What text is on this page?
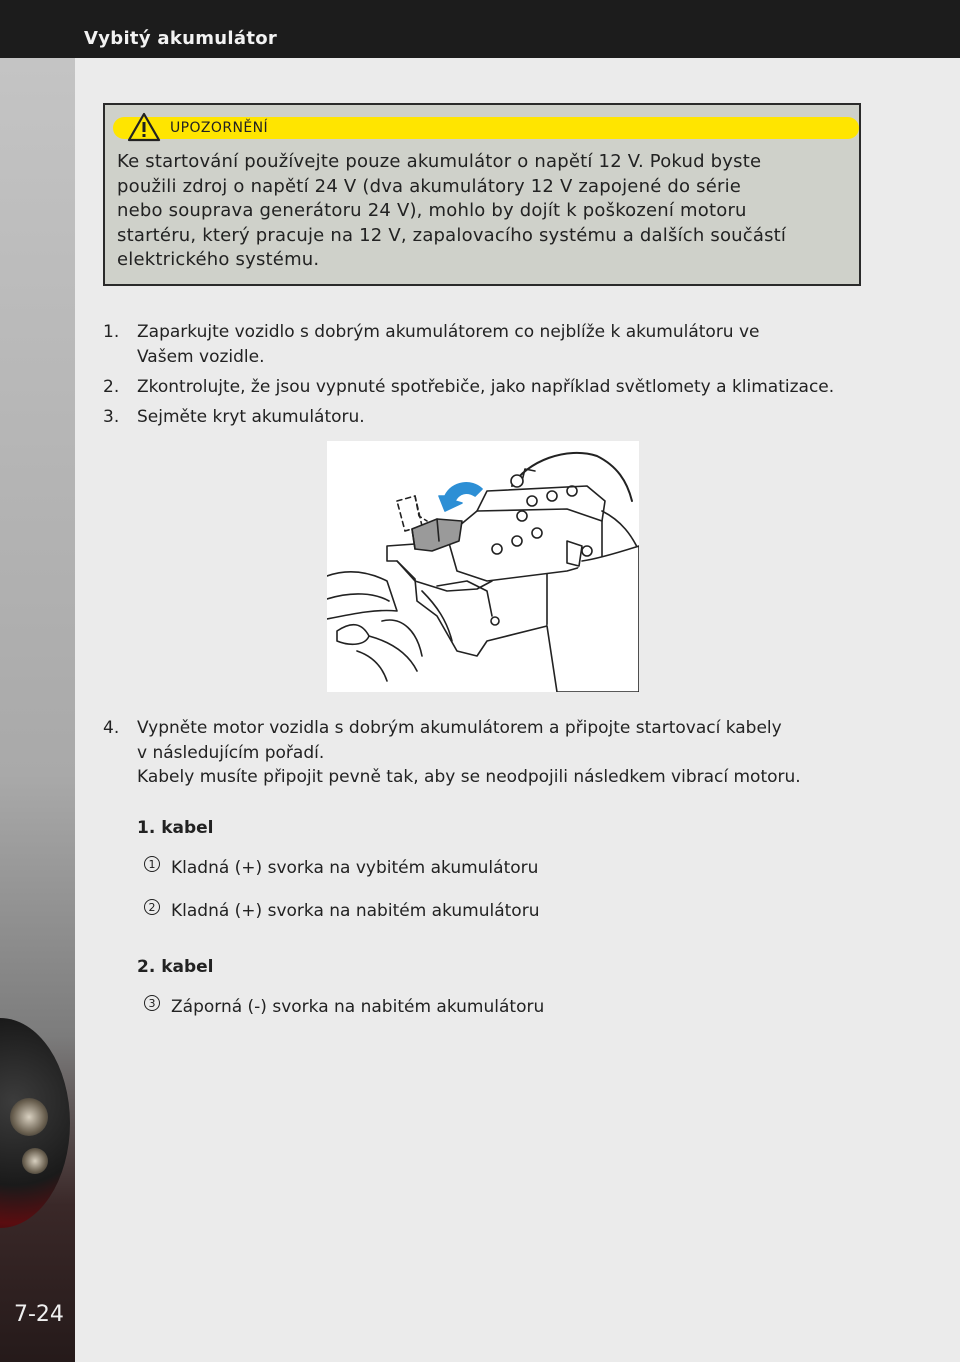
Vybitý akumulátor
7-24
UPOZORNĚNÍ
Ke startování používejte pouze akumulátor o napětí 12 V. Pokud byste
použili zdroj o napětí 24 V (dva akumulátory 12 V zapojené do série
nebo souprava generátoru 24 V), mohlo by dojít k poškození motoru
startéru, který pracuje na 12 V, zapalovacího systému a dalších součástí
elektrického systému.
1. Zaparkujte vozidlo s dobrým akumulátorem co nejblíže k akumulátoru ve
Vašem vozidle.
2. Zkontrolujte, že jsou vypnuté spotřebiče, jako například světlomety a klimatizace.
3. Sejměte kryt akumulátoru.
4. Vypněte motor vozidla s dobrým akumulátorem a připojte startovací kabely
v následujícím pořadí.
Kabely musíte připojit pevně tak, aby se neodpojili následkem vibrací motoru.
1. kabel
1 Kladná (+) svorka na vybitém akumulátoru
2 Kladná (+) svorka na nabitém akumulátoru
2. kabel
3 Záporná (-) svorka na nabitém akumulátoru
